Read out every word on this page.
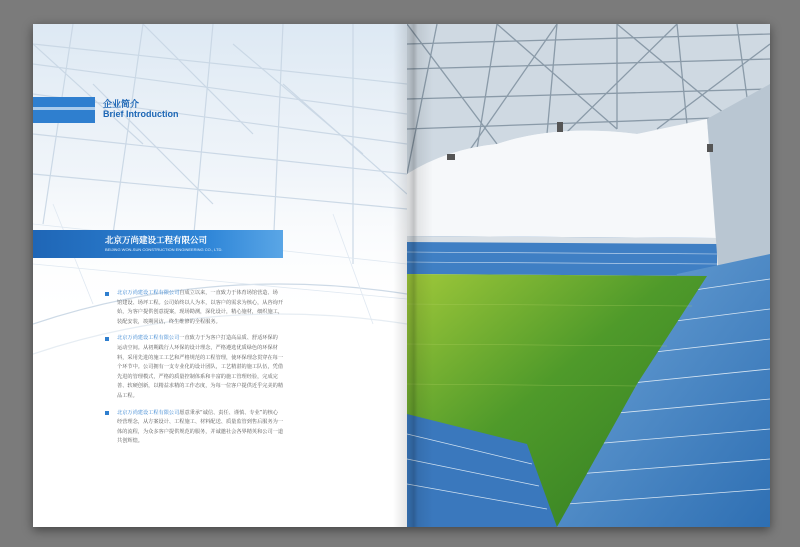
企业简介
Brief Introduction
北京万尚建设工程有限公司
BEIJING WON-SUN CONSTRUCTION ENGINEERING CO., LTD.

北京万尚建设工程有限公司自成立以来，一直致力于体育场馆营造、场馆建设、场坪工程。公司始终以人为本，以客户的需求为核心，从咨询开始，为客户提供创意提案，现场勘测，深化设计，精心施材，细织施工，装配安装，竣期回访，终生维修的全程服务。

北京万尚建设工程有限公司一直致力于为客户打造高品质、舒适环保的运动空间。从初期践行人环保的设计理念，严格遵选优质绿色的环保材料，采用先进的施工工艺和严格规范的工程管理，使环保理念贯穿在每一个环节中。公司拥有一支专业化的设计团队，工艺精湛的施工队伍，凭借先进的管理模式，严格的质量控制体系和丰富的施工管理经验，完成完善、软硬创新，以精益求精的工作态度，为每一位客户提供近乎完美的精品工程。

北京万尚建设工程有限公司愿意秉承“诚信、责任、谨慎、专业”的核心经营理念，从方案设计、工程施工、材料配送、质量监管到售后服务为一体的流程，为众多客户提供规范的服务，并诚邀社会各界精英和公司一道共创辉煌。
